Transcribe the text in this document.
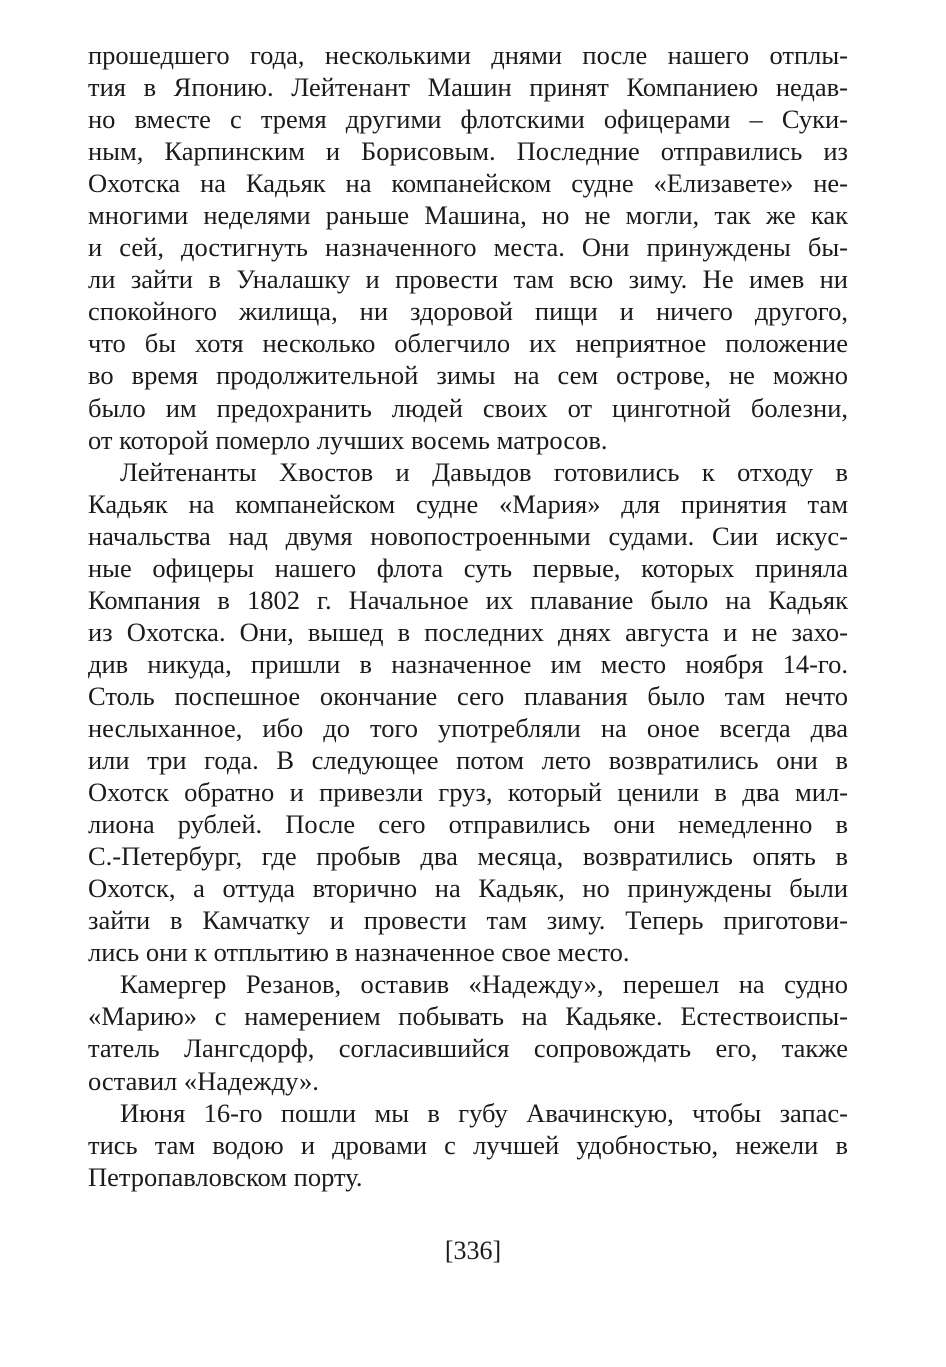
прошедшего года, несколькими днями после нашего отплы-
тия в Японию. Лейтенант Машин принят Компаниею недав-
но вместе с тремя другими флотскими офицерами – Суки-
ным, Карпинским и Борисовым. Последние отправились из
Охотска на Кадьяк на компанейском судне «Елизавете» не-
многими неделями раньше Машина, но не могли, так же как
и сей, достигнуть назначенного места. Они принуждены бы-
ли зайти в Уналашку и провести там всю зиму. Не имев ни
спокойного жилища, ни здоровой пищи и ничего другого,
что бы хотя несколько облегчило их неприятное положение
во время продолжительной зимы на сем острове, не можно
было им предохранить людей своих от цинготной болезни,
от которой померло лучших восемь матросов.
Лейтенанты Хвостов и Давыдов готовились к отходу в
Кадьяк на компанейском судне «Мария» для принятия там
начальства над двумя новопостроенными судами. Сии искус-
ные офицеры нашего флота суть первые, которых приняла
Компания в 1802 г. Начальное их плавание было на Кадьяк
из Охотска. Они, вышед в последних днях августа и не захо-
див никуда, пришли в назначенное им место ноября 14-го.
Столь поспешное окончание сего плавания было там нечто
неслыханное, ибо до того употребляли на оное всегда два
или три года. В следующее потом лето возвратились они в
Охотск обратно и привезли груз, который ценили в два мил-
лиона рублей. После сего отправились они немедленно в
С.-Петербург, где пробыв два месяца, возвратились опять в
Охотск, а оттуда вторично на Кадьяк, но принуждены были
зайти в Камчатку и провести там зиму. Теперь приготови-
лись они к отплытию в назначенное свое место.
Камергер Резанов, оставив «Надежду», перешел на судно
«Марию» с намерением побывать на Кадьяке. Естествоиспы-
татель Лангсдорф, согласившийся сопровождать его, также
оставил «Надежду».
Июня 16-го пошли мы в губу Авачинскую, чтобы запас-
тись там водою и дровами с лучшей удобностью, нежели в
Петропавловском порту.
[336]
